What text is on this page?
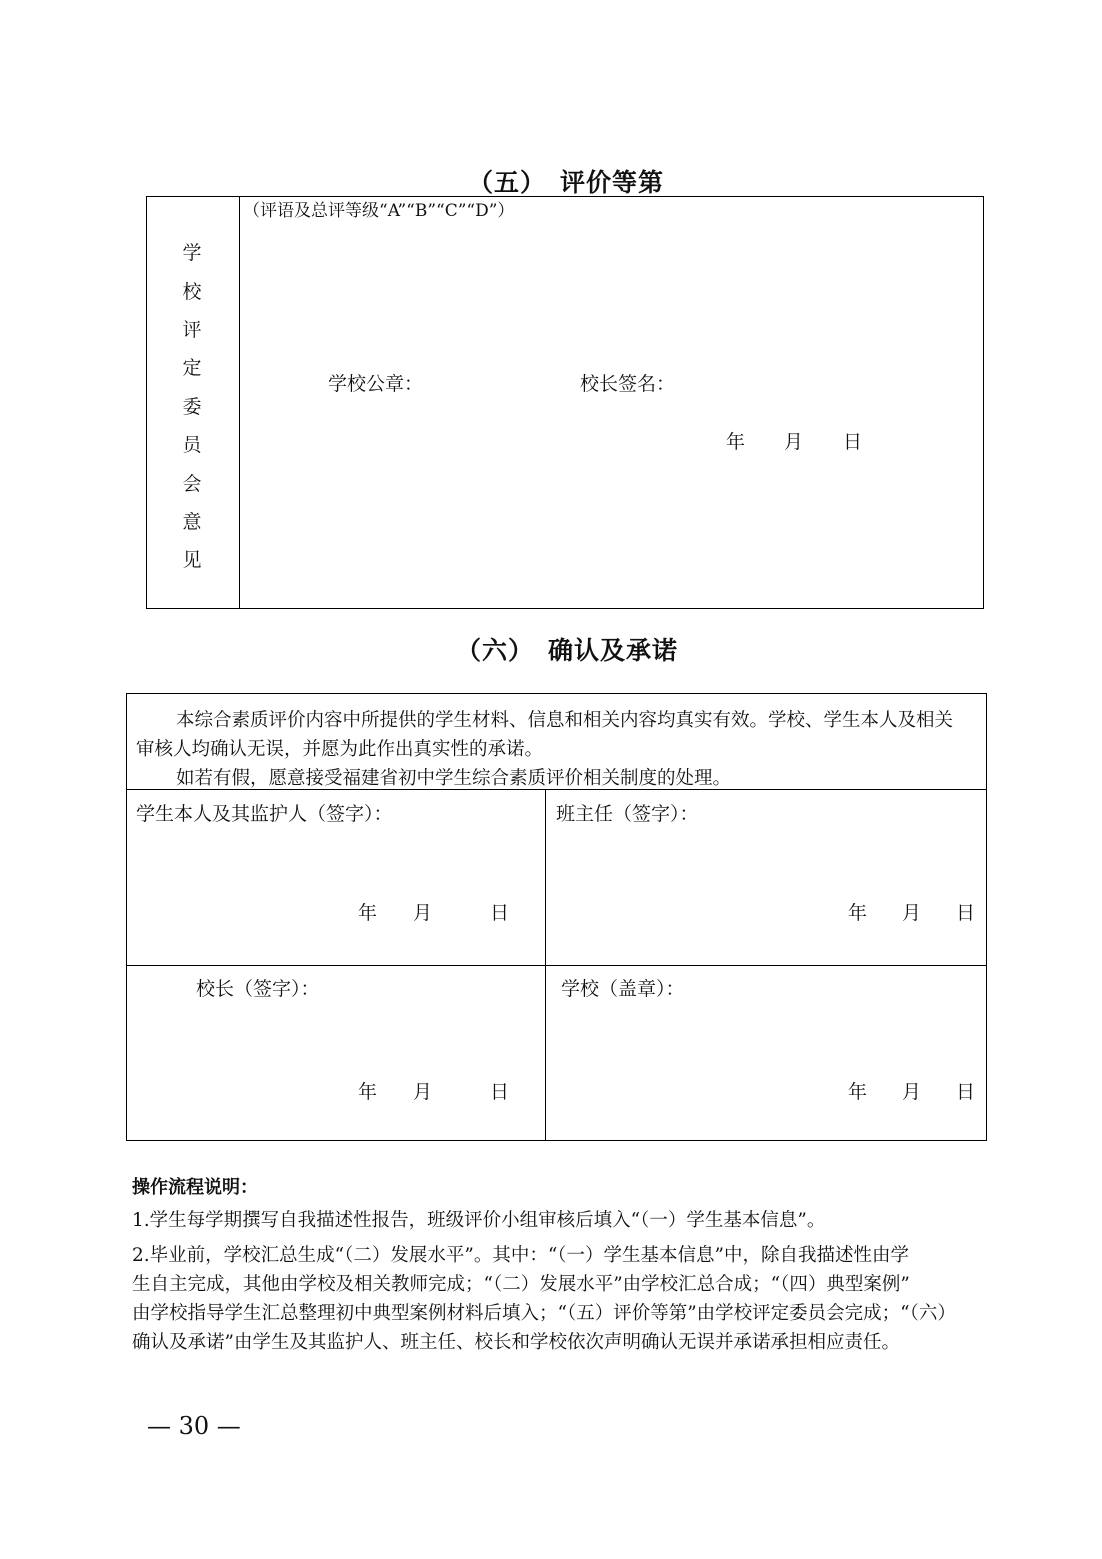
（五） 评价等第
学
校
评
定
委
员
会
意
见
（评语及总评等级“A”“B”“C”“D”）
学校公章：	校长签名：
年 月 日
（六） 确认及承诺
本综合素质评价内容中所提供的学生材料、信息和相关内容均真实有效。学校、学生本人及相关
审核人均确认无误，并愿为此作出真实性的承诺。
如若有假，愿意接受福建省初中学生综合素质评价相关制度的处理。
学生本人及其监护人（签字）：
年 月	日
班主任（签字）：
年 月 日
校长（签字）：
年 月	日
学校（盖章）：
年 月 日
操作流程说明：
1.学生每学期撰写自我描述性报告，班级评价小组审核后填入“（一）学生基本信息”。
2.毕业前，学校汇总生成“（二）发展水平”。其中：“（一）学生基本信息”中，除自我描述性由学
生自主完成，其他由学校及相关教师完成；“（二）发展水平”由学校汇总合成；“（四）典型案例”
由学校指导学生汇总整理初中典型案例材料后填入；“（五）评价等第”由学校评定委员会完成；“（六）
确认及承诺”由学生及其监护人、班主任、校长和学校依次声明确认无误并承诺承担相应责任。
— 30 —
